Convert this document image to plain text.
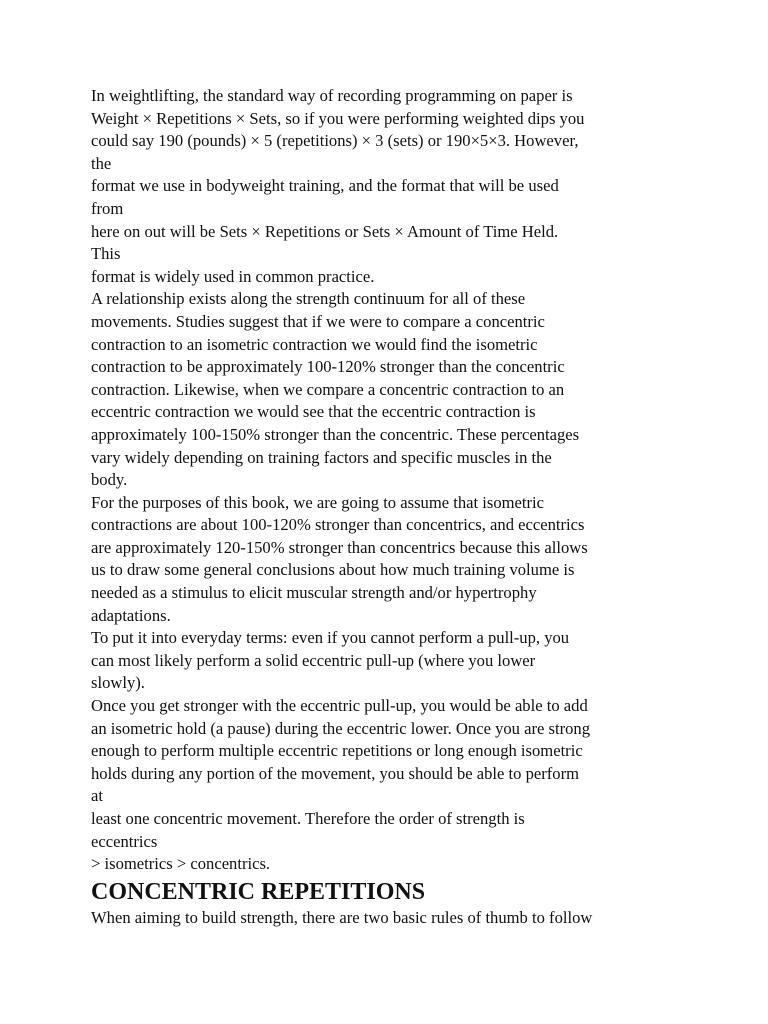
In weightlifting, the standard way of recording programming on paper is
Weight × Repetitions × Sets, so if you were performing weighted dips you
could say 190 (pounds) × 5 (repetitions) × 3 (sets) or 190×5×3. However,
the
format we use in bodyweight training, and the format that will be used
from
here on out will be Sets × Repetitions or Sets × Amount of Time Held.
This
format is widely used in common practice.
A relationship exists along the strength continuum for all of these
movements. Studies suggest that if we were to compare a concentric
contraction to an isometric contraction we would find the isometric
contraction to be approximately 100-120% stronger than the concentric
contraction. Likewise, when we compare a concentric contraction to an
eccentric contraction we would see that the eccentric contraction is
approximately 100-150% stronger than the concentric. These percentages
vary widely depending on training factors and specific muscles in the
body.
For the purposes of this book, we are going to assume that isometric
contractions are about 100-120% stronger than concentrics, and eccentrics
are approximately 120-150% stronger than concentrics because this allows
us to draw some general conclusions about how much training volume is
needed as a stimulus to elicit muscular strength and/or hypertrophy
adaptations.
To put it into everyday terms: even if you cannot perform a pull-up, you
can most likely perform a solid eccentric pull-up (where you lower
slowly).
Once you get stronger with the eccentric pull-up, you would be able to add
an isometric hold (a pause) during the eccentric lower. Once you are strong
enough to perform multiple eccentric repetitions or long enough isometric
holds during any portion of the movement, you should be able to perform
at
least one concentric movement. Therefore the order of strength is
eccentrics
> isometrics > concentrics.
CONCENTRIC REPETITIONS
When aiming to build strength, there are two basic rules of thumb to follow
